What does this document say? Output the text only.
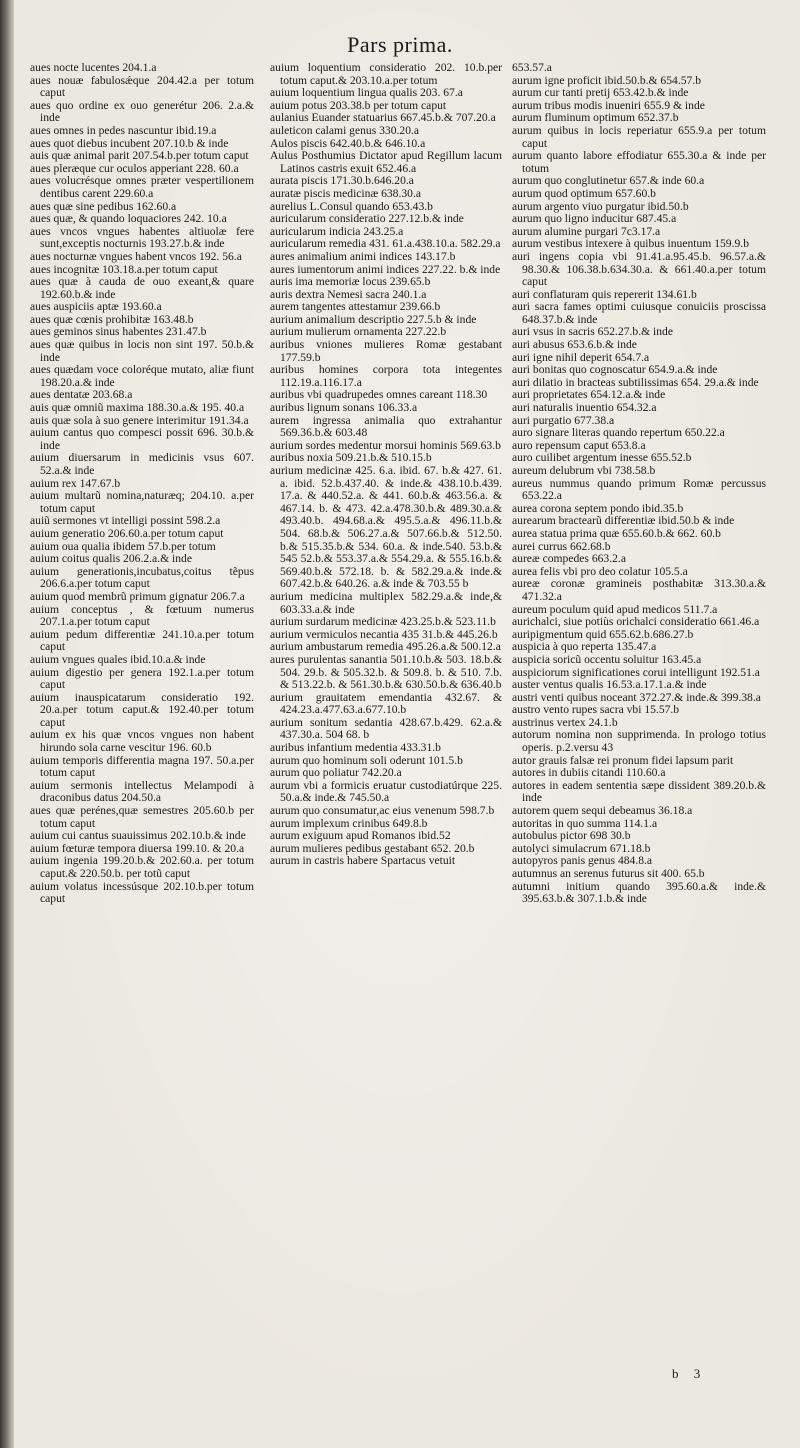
Pars prima.

aues nocte lucentes 204.1.a

aues nouæ fabulosǽque 204.42.a per totum caput

aues quo ordine ex ouo generétur 206. 2.a.& inde

aues omnes in pedes nascuntur ibid.19.a

aues quot diebus incubent 207.10.b & inde

auis quæ animal parit 207.54.b.per totum caput

aues pleræque cur oculos apperiant 228. 60.a

aues volucrésque omnes præter vespertilionem dentibus carent 229.60.a

aues quæ sine pedibus 162.60.a

aues quæ, & quando loquaciores 242. 10.a

aues vncos vngues habentes altiuolæ fere sunt,exceptis nocturnis 193.27.b.& inde

aues nocturnæ vngues habent vncos 192. 56.a

aues incognitæ 103.18.a.per totum caput

aues quæ à cauda de ouo exeant,& quare 192.60.b.& inde

aues auspiciis aptæ 193.60.a

aues quæ cœnis prohibitæ 163.48.b

aues geminos sinus habentes 231.47.b

aues quæ quibus in locis non sint 197. 50.b.& inde

aues quædam voce coloréque mutato, aliæ fiunt 198.20.a.& inde

aues dentatæ 203.68.a

auis quæ omniũ maxima 188.30.a.& 195. 40.a

auis quæ sola à suo genere interimitur 191.34.a

auium cantus quo compesci possit 696. 30.b.& inde

auium diuersarum in medicinis vsus 607. 52.a.& inde

auium rex 147.67.b

auium multarũ nomina,naturæq; 204.10. a.per totum caput

auiũ sermones vt intelligi possint 598.2.a

auium generatio 206.60.a.per totum caput

auium oua qualia ibidem 57.b.per totum

auium coitus qualis 206.2.a.& inde

auium generationis,incubatus,coitus tẽpus 206.6.a.per totum caput

auium quod membrũ primum gignatur 206.7.a

auium conceptus , & fœtuum numerus 207.1.a.per totum caput

auium pedum differentiæ 241.10.a.per totum caput

auium vngues quales ibid.10.a.& inde

auium digestio per genera 192.1.a.per totum caput

auium inauspicatarum consideratio 192. 20.a.per totum caput.& 192.40.per totum caput

auium ex his quæ vncos vngues non habent hirundo sola carne vescitur 196. 60.b

auium temporis differentia magna 197. 50.a.per totum caput

auium sermonis intellectus Melampodi à draconibus datus 204.50.a

aues quæ perénes,quæ semestres 205.60.b per totum caput

auium cui cantus suauissimus 202.10.b.& inde

auium fœturæ tempora diuersa 199.10. & 20.a

auium ingenia 199.20.b.& 202.60.a. per totum caput.& 220.50.b. per totũ caput

auium volatus incessúsque 202.10.b.per totum caput

auium loquentium consideratio 202. 10.b.per totum caput.& 203.10.a.per totum

auium loquentium lingua qualis 203. 67.a

auium potus 203.38.b per totum caput

aulanius Euander statuarius 667.45.b.& 707.20.a

auleticon calami genus 330.20.a

Aulos piscis 642.40.b.& 646.10.a

Aulus Posthumius Dictator apud Regillum lacum Latinos castris exuit 652.46.a

aurata piscis 171.30.b.646.20.a

auratæ piscis medicinæ 638.30.a

aurelius L.Consul quando 653.43.b

auricularum consideratio 227.12.b.& inde

auricularum indicia 243.25.a

auricularum remedia 431. 61.a.438.10.a. 582.29.a

aures animalium animi indices 143.17.b

aures iumentorum animi indices 227.22. b.& inde

auris ima memoriæ locus 239.65.b

auris dextra Nemesi sacra 240.1.a

aurem tangentes attestamur 239.66.b

aurium animalium descriptio 227.5.b & inde

aurium mulierum ornamenta 227.22.b

auribus vniones mulieres Romæ gestabant 177.59.b

auribus homines corpora tota integentes 112.19.a.116.17.a

auribus vbi quadrupedes omnes careant 118.30

auribus lignum sonans 106.33.a

aurem ingressa animalia quo extrahantur 569.36.b.& 603.48

aurium sordes medentur morsui hominis 569.63.b

auribus noxia 509.21.b.& 510.15.b

aurium medicinæ 425. 6.a. ibid. 67. b.& 427. 61. a. ibid. 52.b.437.40. & inde.& 438.10.b.439. 17.a. & 440.52.a. & 441. 60.b.& 463.56.a. & 467.14. b. & 473. 42.a.478.30.b.& 489.30.a.& 493.40.b. 494.68.a.& 495.5.a.& 496.11.b.& 504. 68.b.& 506.27.a.& 507.66.b.& 512.50. b.& 515.35.b.& 534. 60.a. & inde.540. 53.b.& 545 52.b.& 553.37.a.& 554.29.a. & 555.16.b.& 569.40.b.& 572.18. b. & 582.29.a.& inde.& 607.42.b.& 640.26. a.& inde & 703.55 b

aurium medicina multiplex 582.29.a.& inde,& 603.33.a.& inde

aurium surdarum medicinæ 423.25.b.& 523.11.b

aurium vermiculos necantia 435 31.b.& 445.26.b

aurium ambustarum remedia 495.26.a.& 500.12.a

aures purulentas sanantia 501.10.b.& 503. 18.b.& 504. 29.b. & 505.32.b. & 509.8. b. & 510. 7.b. & 513.22.b. & 561.30.b.& 630.50.b.& 636.40.b

aurium grauitatem emendantia 432.67. & 424.23.a.477.63.a.677.10.b

aurium sonitum sedantia 428.67.b.429. 62.a.& 437.30.a. 504 68. b

auribus infantium medentia 433.31.b

aurum quo hominum soli oderunt 101.5.b

aurum quo poliatur 742.20.a

aurum vbi a formicis eruatur custodiatúrque 225. 50.a.& inde.& 745.50.a

aurum quo consumatur,ac eius venenum 598.7.b

aurum implexum crinibus 649.8.b

aurum exiguum apud Romanos ibid.52

aurum mulieres pedibus gestabant 652. 20.b

aurum in castris habere Spartacus vetuit

653.57.a

aurum igne proficit ibid.50.b.& 654.57.b

aurum cur tanti pretij 653.42.b.& inde

aurum tribus modis inueniri 655.9 & inde

aurum fluminum optimum 652.37.b

aurum quibus in locis reperiatur 655.9.a per totum caput

aurum quanto labore effodiatur 655.30.a & inde per totum

aurum quo conglutinetur 657.& inde 60.a

aurum quod optimum 657.60.b

aurum argento viuo purgatur ibid.50.b

aurum quo ligno inducitur 687.45.a

aurum alumine purgari 7c3.17.a

aurum vestibus intexere à quibus inuentum 159.9.b

auri ingens copia vbi 91.41.a.95.45.b. 96.57.a.& 98.30.& 106.38.b.634.30.a. & 661.40.a.per totum caput

auri conflaturam quis repererit 134.61.b

auri sacra fames optimi cuiusque conuiciis proscissa 648.37.b.& inde

auri vsus in sacris 652.27.b.& inde

auri abusus 653.6.b.& inde

auri igne nihil deperit 654.7.a

auri bonitas quo cognoscatur 654.9.a.& inde

auri dilatio in bracteas subtilissimas 654. 29.a.& inde

auri proprietates 654.12.a.& inde

auri naturalis inuentio 654.32.a

auri purgatio 677.38.a

auro signare literas quando repertum 650.22.a

auro repensum caput 653.8.a

auro cuilibet argentum inesse 655.52.b

aureum delubrum vbi 738.58.b

aureus nummus quando primum Romæ percussus 653.22.a

aurea corona septem pondo ibid.35.b

aurearum bractearũ differentiæ ibid.50.b & inde

aurea statua prima quæ 655.60.b.& 662. 60.b

aurei currus 662.68.b

aureæ compedes 663.2.a

aurea felis vbi pro deo colatur 105.5.a

aureæ coronæ gramineis posthabitæ 313.30.a.& 471.32.a

aureum poculum quid apud medicos 511.7.a

aurichalci, siue potiùs orichalci consideratio 661.46.a

auripigmentum quid 655.62.b.686.27.b

auspicia à quo reperta 135.47.a

auspicia soricũ occentu soluitur 163.45.a

auspiciorum significationes corui intelligunt 192.51.a

auster ventus qualis 16.53.a.17.1.a.& inde

austri venti quibus noceant 372.27.& inde.& 399.38.a

austro vento rupes sacra vbi 15.57.b

austrinus vertex 24.1.b

autorum nomina non supprimenda. In prologo totius operis. p.2.versu 43

autor grauis falsæ rei pronum fidei lapsum parit

autores in dubiis citandi 110.60.a

autores in eadem sententia sæpe dissident 389.20.b.& inde

autorem quem sequi debeamus 36.18.a

autoritas in quo summa 114.1.a

autobulus pictor 698 30.b

autolyci simulacrum 671.18.b

autopyros panis genus 484.8.a

autumnus an serenus futurus sit 400. 65.b

autumni initium quando 395.60.a.& inde.& 395.63.b.& 307.1.b.& inde

b 3
